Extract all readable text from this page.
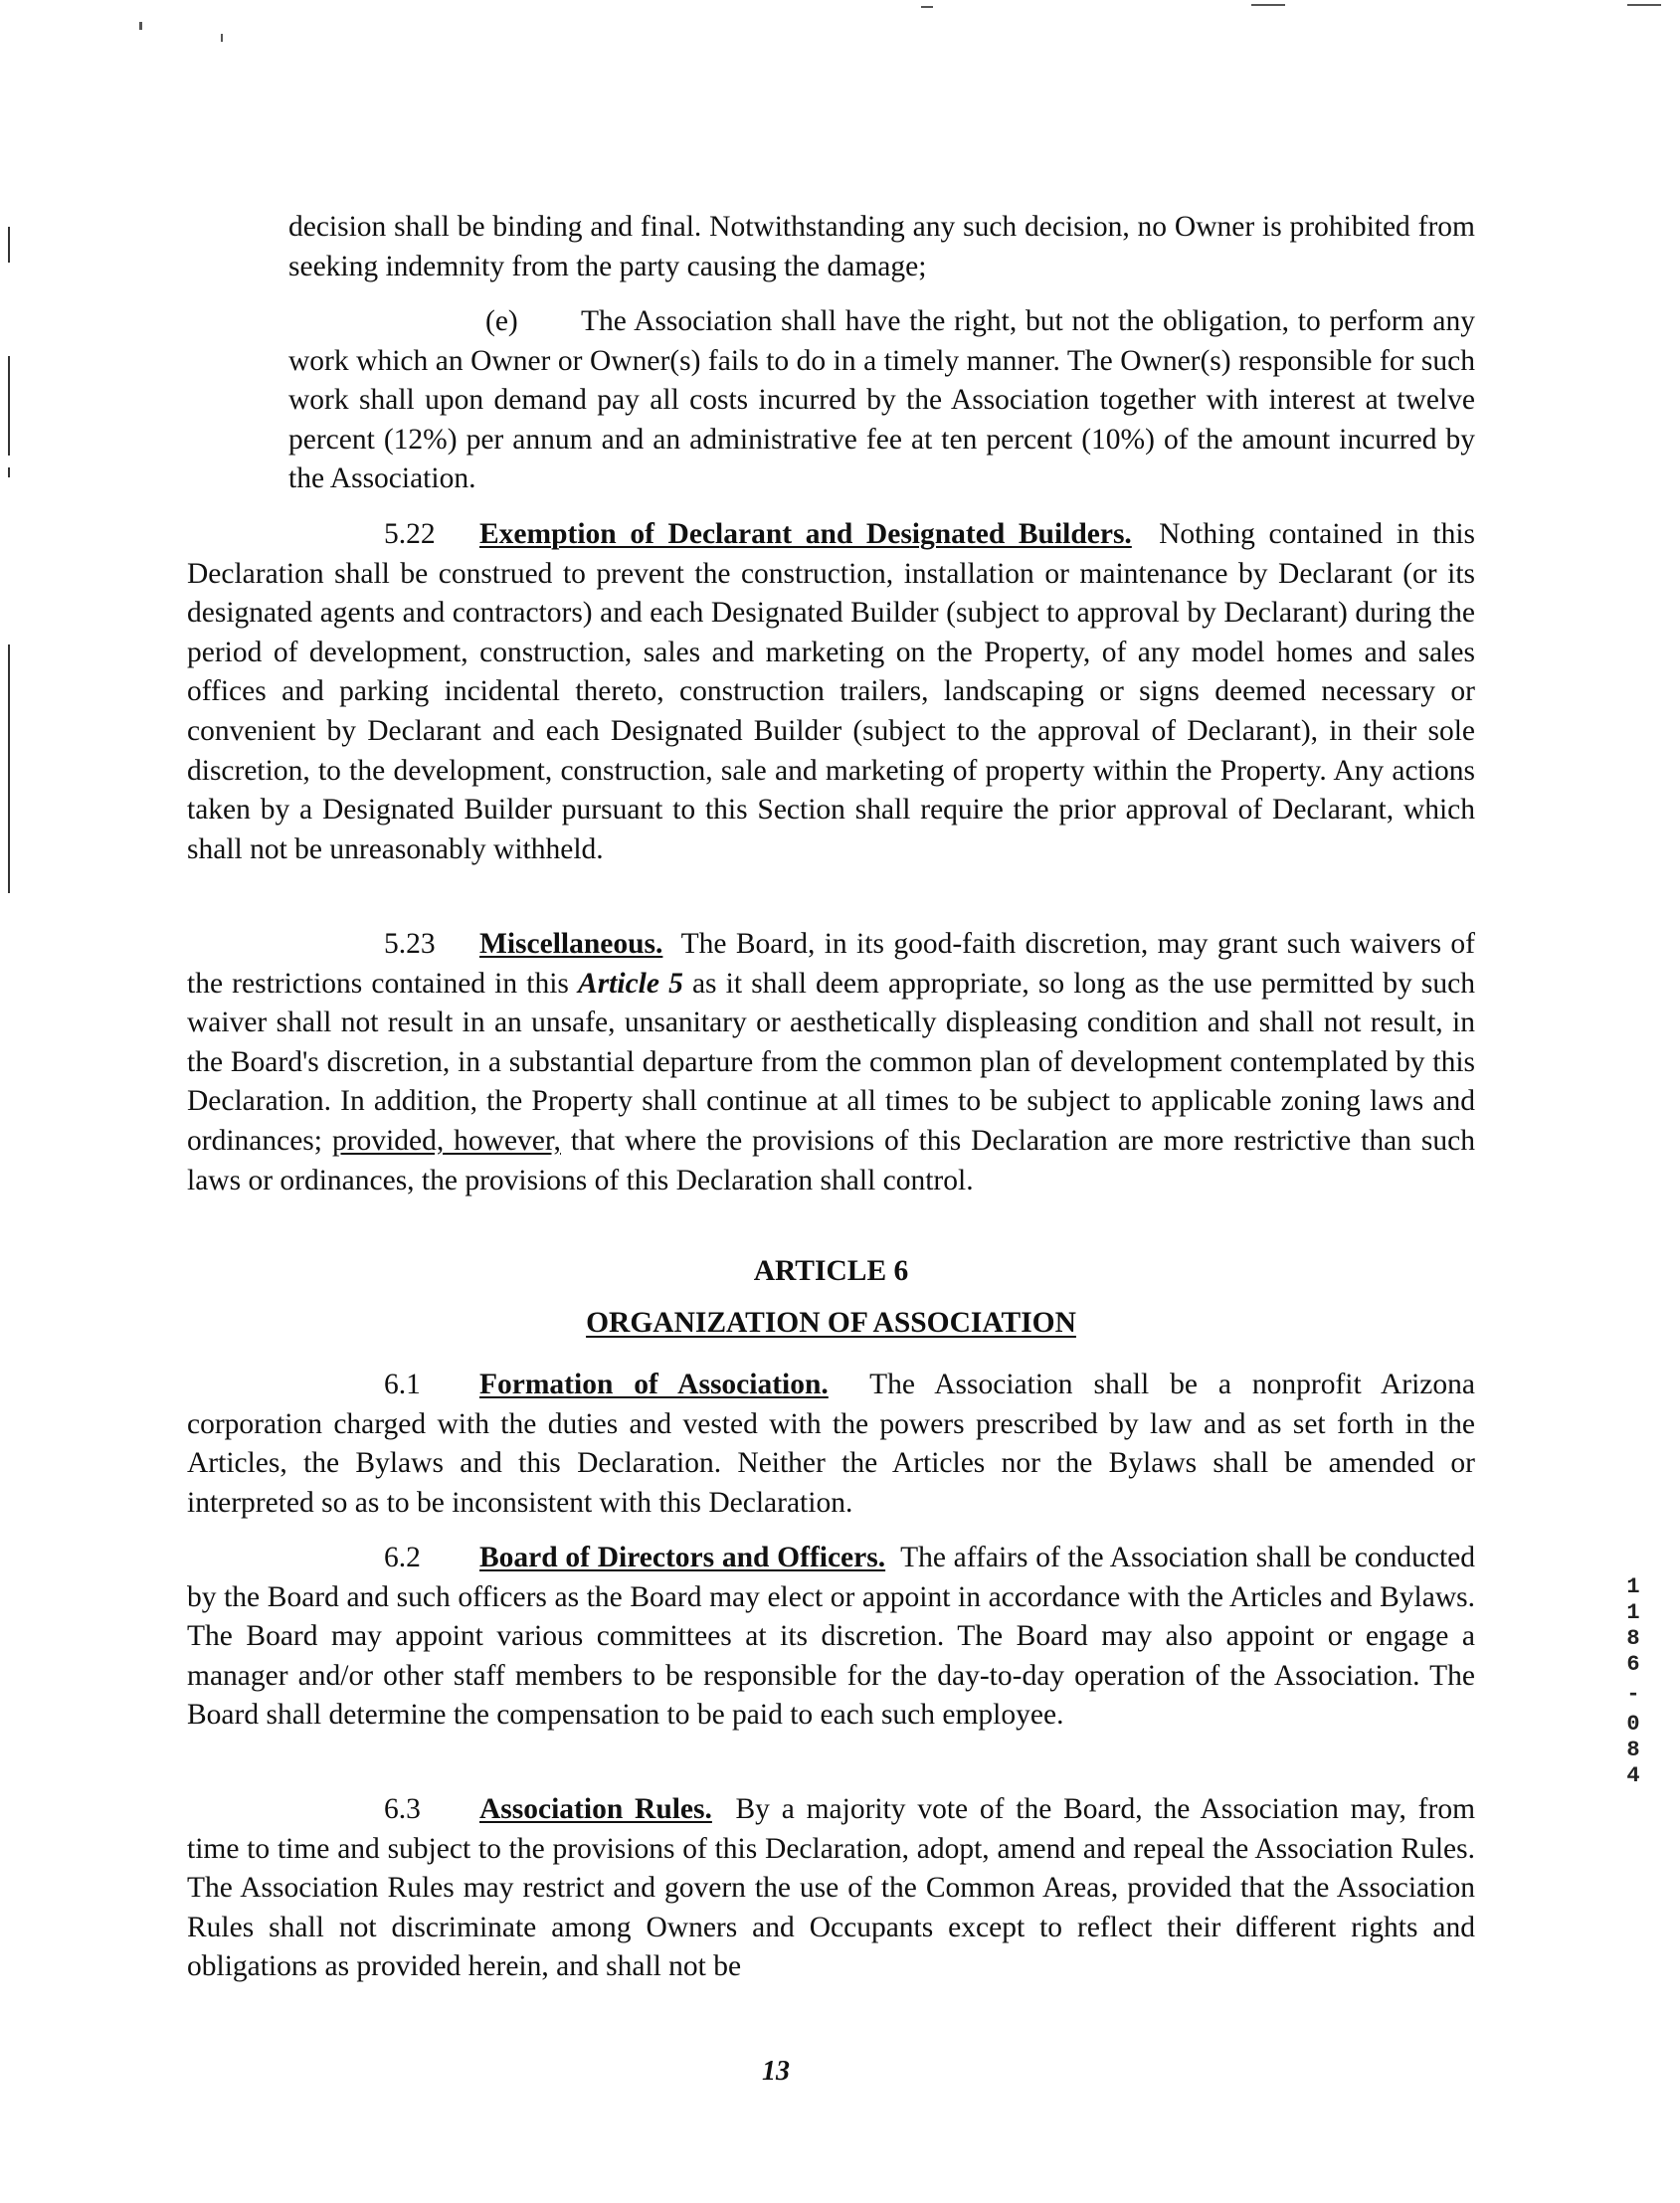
decision shall be binding and final. Notwithstanding any such decision, no Owner is prohibited from seeking indemnity from the party causing the damage;

(e) The Association shall have the right, but not the obligation, to perform any work which an Owner or Owner(s) fails to do in a timely manner. The Owner(s) responsible for such work shall upon demand pay all costs incurred by the Association together with interest at twelve percent (12%) per annum and an administrative fee at ten percent (10%) of the amount incurred by the Association.

5.22 Exemption of Declarant and Designated Builders. Nothing contained in this Declaration shall be construed to prevent the construction, installation or maintenance by Declarant (or its designated agents and contractors) and each Designated Builder (subject to approval by Declarant) during the period of development, construction, sales and marketing on the Property, of any model homes and sales offices and parking incidental thereto, construction trailers, landscaping or signs deemed necessary or convenient by Declarant and each Designated Builder (subject to the approval of Declarant), in their sole discretion, to the development, construction, sale and marketing of property within the Property. Any actions taken by a Designated Builder pursuant to this Section shall require the prior approval of Declarant, which shall not be unreasonably withheld.

5.23 Miscellaneous. The Board, in its good-faith discretion, may grant such waivers of the restrictions contained in this Article 5 as it shall deem appropriate, so long as the use permitted by such waiver shall not result in an unsafe, unsanitary or aesthetically displeasing condition and shall not result, in the Board's discretion, in a substantial departure from the common plan of development contemplated by this Declaration. In addition, the Property shall continue at all times to be subject to applicable zoning laws and ordinances; provided, however, that where the provisions of this Declaration are more restrictive than such laws or ordinances, the provisions of this Declaration shall control.

ARTICLE 6

ORGANIZATION OF ASSOCIATION

6.1 Formation of Association. The Association shall be a nonprofit Arizona corporation charged with the duties and vested with the powers prescribed by law and as set forth in the Articles, the Bylaws and this Declaration. Neither the Articles nor the Bylaws shall be amended or interpreted so as to be inconsistent with this Declaration.

6.2 Board of Directors and Officers. The affairs of the Association shall be conducted by the Board and such officers as the Board may elect or appoint in accordance with the Articles and Bylaws. The Board may appoint various committees at its discretion. The Board may also appoint or engage a manager and/or other staff members to be responsible for the day-to-day operation of the Association. The Board shall determine the compensation to be paid to each such employee.

6.3 Association Rules. By a majority vote of the Board, the Association may, from time to time and subject to the provisions of this Declaration, adopt, amend and repeal the Association Rules. The Association Rules may restrict and govern the use of the Common Areas, provided that the Association Rules shall not discriminate among Owners and Occupants except to reflect their different rights and obligations as provided herein, and shall not be

13
1
1
8
6
-
0
8
4
